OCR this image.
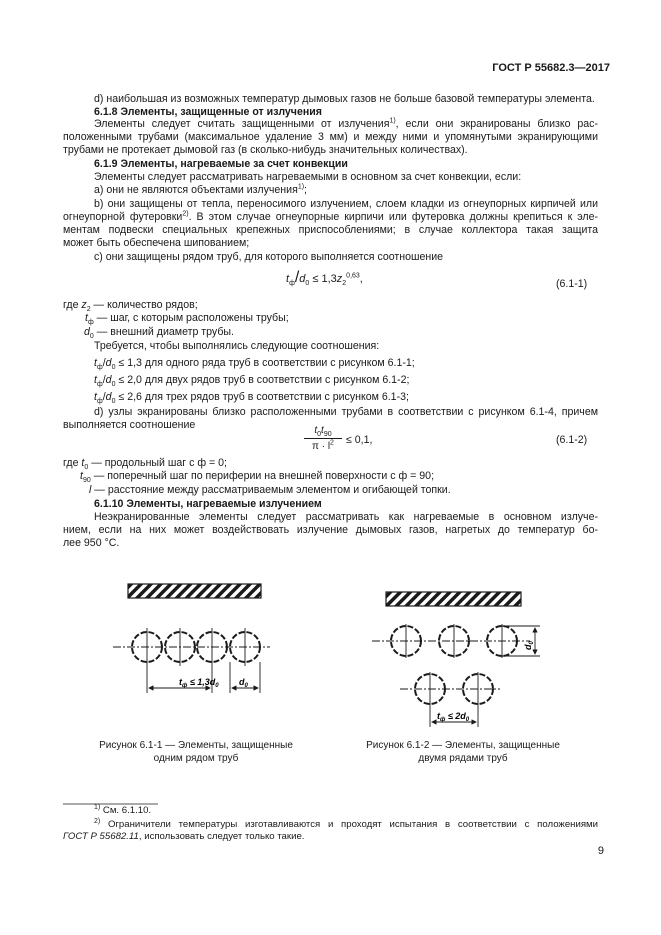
ГОСТ Р 55682.3—2017
d) наибольшая из возможных температур дымовых газов не больше базовой температуры элемента.
6.1.8 Элементы, защищенные от излучения
Элементы следует считать защищенными от излучения$^{1)}$, если они экранированы близко рас-
положенными трубами (максимальное удаление 3 мм) и между ними и упомянутыми экранирующими
трубами не протекает дымовой газ (в сколько-нибудь значительных количествах).
6.1.9 Элементы, нагреваемые за счет конвекции
Элементы следует рассматривать нагреваемыми в основном за счет конвекции, если:
а) они не являются объектами излучения$^{1)}$;
b) они защищены от тепла, переносимого излучением, слоем кладки из огнеупорных кирпичей или
огнеупорной футеровки$^{2)}$. В этом случае огнеупорные кирпичи или футеровка должны крепиться к эле-
ментам подвески специальных крепежных приспособлениями; в случае коллектора такая защита
может быть обеспечена шипованием;
с) они защищены рядом труб, для которого выполняется соотношение
$t_ф/d_0 \le 1,3z_2^{0,63}$,	(6.1-1)
где $z_2$ — количество рядов;
$t_ф$ — шаг, с которым расположены трубы;
$d_0$ — внешний диаметр трубы.
Требуется, чтобы выполнялись следующие соотношения:
$t_ф/d_0 \le 1,3$ для одного ряда труб в соответствии с рисунком 6.1-1;
$t_ф/d_0 \le 2,0$ для двух рядов труб в соответствии с рисунком 6.1-2;
$t_ф/d_0 \le 2,6$ для трех рядов труб в соответствии с рисунком 6.1-3;
d) узлы экранированы близко расположенными трубами в соответствии с рисунком 6.1-4, причем
выполняется соотношение	$\frac{t_0t_{90}}{\pi \cdot l^2} \le 0,1$,	(6.1-2)
где $t_0$ — продольный шаг с ф = 0;
$t_{90}$ — поперечный шаг по периферии на внешней поверхности с ф = 90;
l — расстояние между рассматриваемым элементом и огибающей топки.
6.1.10 Элементы, нагреваемые излучением
Неэкранированные элементы следует рассматривать как нагреваемые в основном излуче-
нием, если на них может воздействовать излучение дымовых газов, нагретых до температур бо-
лее 950 °С.
$t_ф \le 1,3d_0$ $d_0$
$d_0$
$t_ф \le 2d_0$
Рисунок 6.1-1 — Элементы, защищенные
одним рядом труб
Рисунок 6.1-2 — Элементы, защищенные
двумя рядами труб
$^{1)}$ См. 6.1.10.
$^{2)}$ Ограничители температуры изготавливаются и проходят испытания в соответствии с положениями
ГОСТ Р 55682.11, использовать следует только такие.
9
